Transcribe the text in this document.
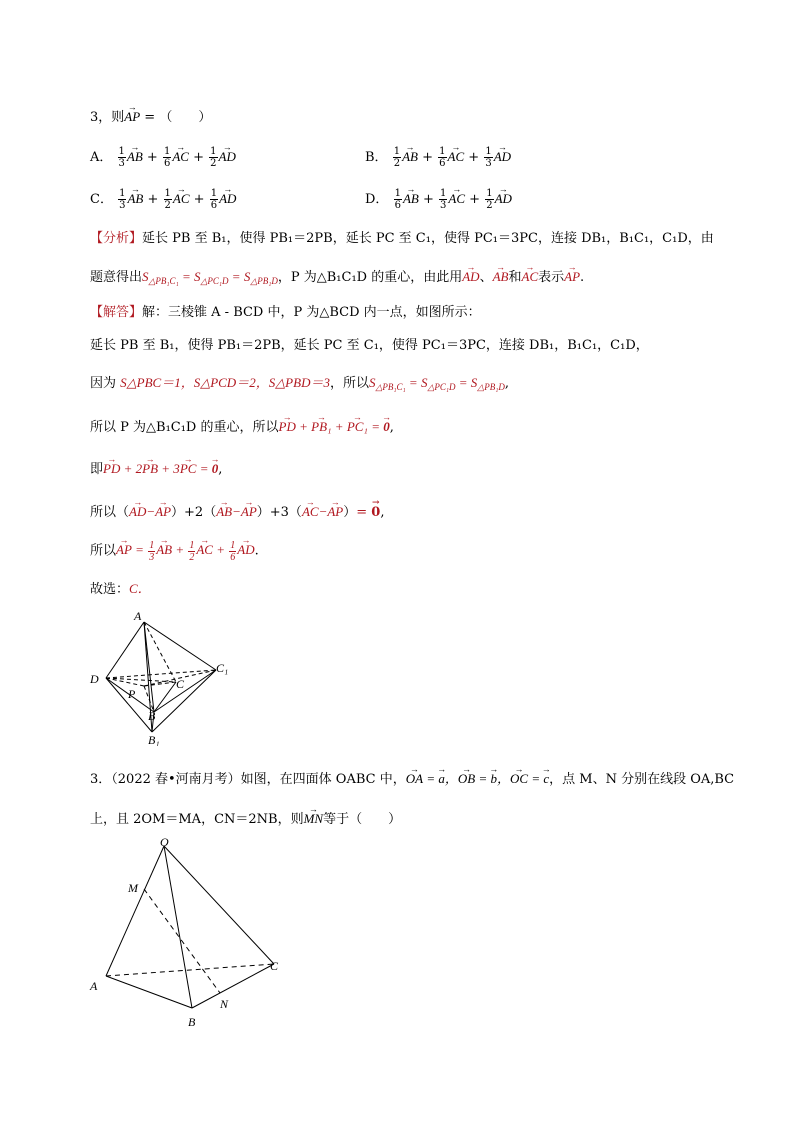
3，则→ AP = （　　）
A． $\frac{1}{3}$ → AB + $\frac{1}{6}$ → AC + $\frac{1}{2}$ → AD	B． $\frac{1}{2}$ → AB + $\frac{1}{6}$ → AC + $\frac{1}{3}$ → AD
C． $\frac{1}{3}$ → AB + $\frac{1}{2}$ → AC + $\frac{1}{6}$ → AD	D． $\frac{1}{6}$ → AB + $\frac{1}{3}$ → AC + $\frac{1}{2}$ → AD
【分析】延长 PB 至 B₁，使得 PB₁＝2PB，延长 PC 至 C₁，使得 PC₁＝3PC，连接 DB₁，B₁C₁，C₁D，由
题意得出$S_{\triangle PB_1C_1} = S_{\triangle PC_1D} = S_{\triangle PB_1D}$，P 为△B₁C₁D 的重心，由此用→ AD、→ AB和→ AC表示→ AP.
【解答】解：三棱锥 A - BCD 中，P 为△BCD 内一点，如图所示：
延长 PB 至 B₁，使得 PB₁＝2PB，延长 PC 至 C₁，使得 PC₁＝3PC，连接 DB₁，B₁C₁，C₁D，
因为 S△PBC＝1，S△PCD＝2，S△PBD＝3，所以$S_{\triangle PB_1C_1} = S_{\triangle PC_1D} = S_{\triangle PB_1D}$,
所以 P 为△B₁C₁D 的重心，所以→ PD + → PB₁ + → PC₁ = → 0,
即→ PD + 2→ PB + 3→ PC = → 0,
所以（→ AD−→ AP）+2（→ AB−→ AP）+3（→ AC−→ AP）= → 0,
所以→ AP = $\frac{1}{3}$ → AB + $\frac{1}{2}$ → AC + $\frac{1}{6}$ → AD.
故选：C．
A
D
C₁
C
P
B
B₁
3．（2022 春•河南月考）如图，在四面体 OABC 中，→ OA = → a，→ OB = → b，→ OC = → c，点 M、N 分别在线段 OA,BC
上，且 2OM＝MA，CN＝2NB，则→ MN等于（　　）
O
M
A
B
N
C
